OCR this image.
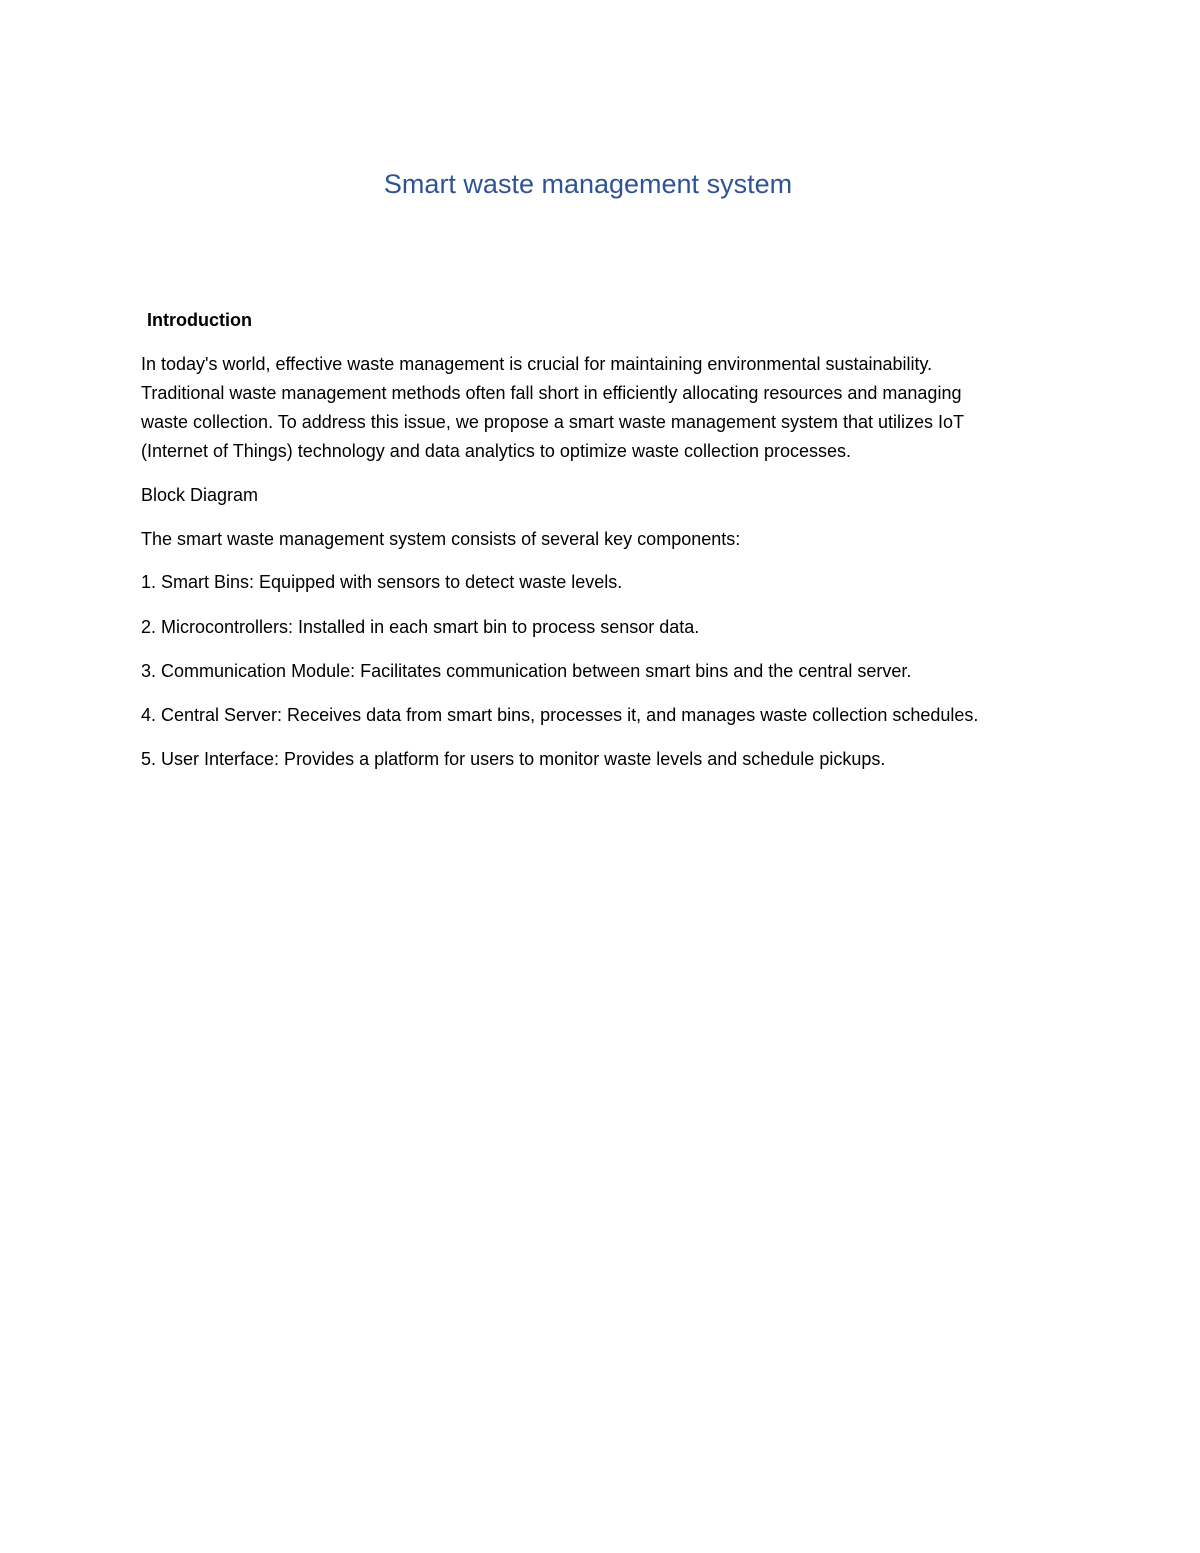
Smart waste management system
Introduction
In today's world, effective waste management is crucial for maintaining environmental sustainability.
Traditional waste management methods often fall short in efficiently allocating resources and managing
waste collection. To address this issue, we propose a smart waste management system that utilizes IoT
(Internet of Things) technology and data analytics to optimize waste collection processes.
Block Diagram
The smart waste management system consists of several key components:
1. Smart Bins: Equipped with sensors to detect waste levels.
2. Microcontrollers: Installed in each smart bin to process sensor data.
3. Communication Module: Facilitates communication between smart bins and the central server.
4. Central Server: Receives data from smart bins, processes it, and manages waste collection schedules.
5. User Interface: Provides a platform for users to monitor waste levels and schedule pickups.
